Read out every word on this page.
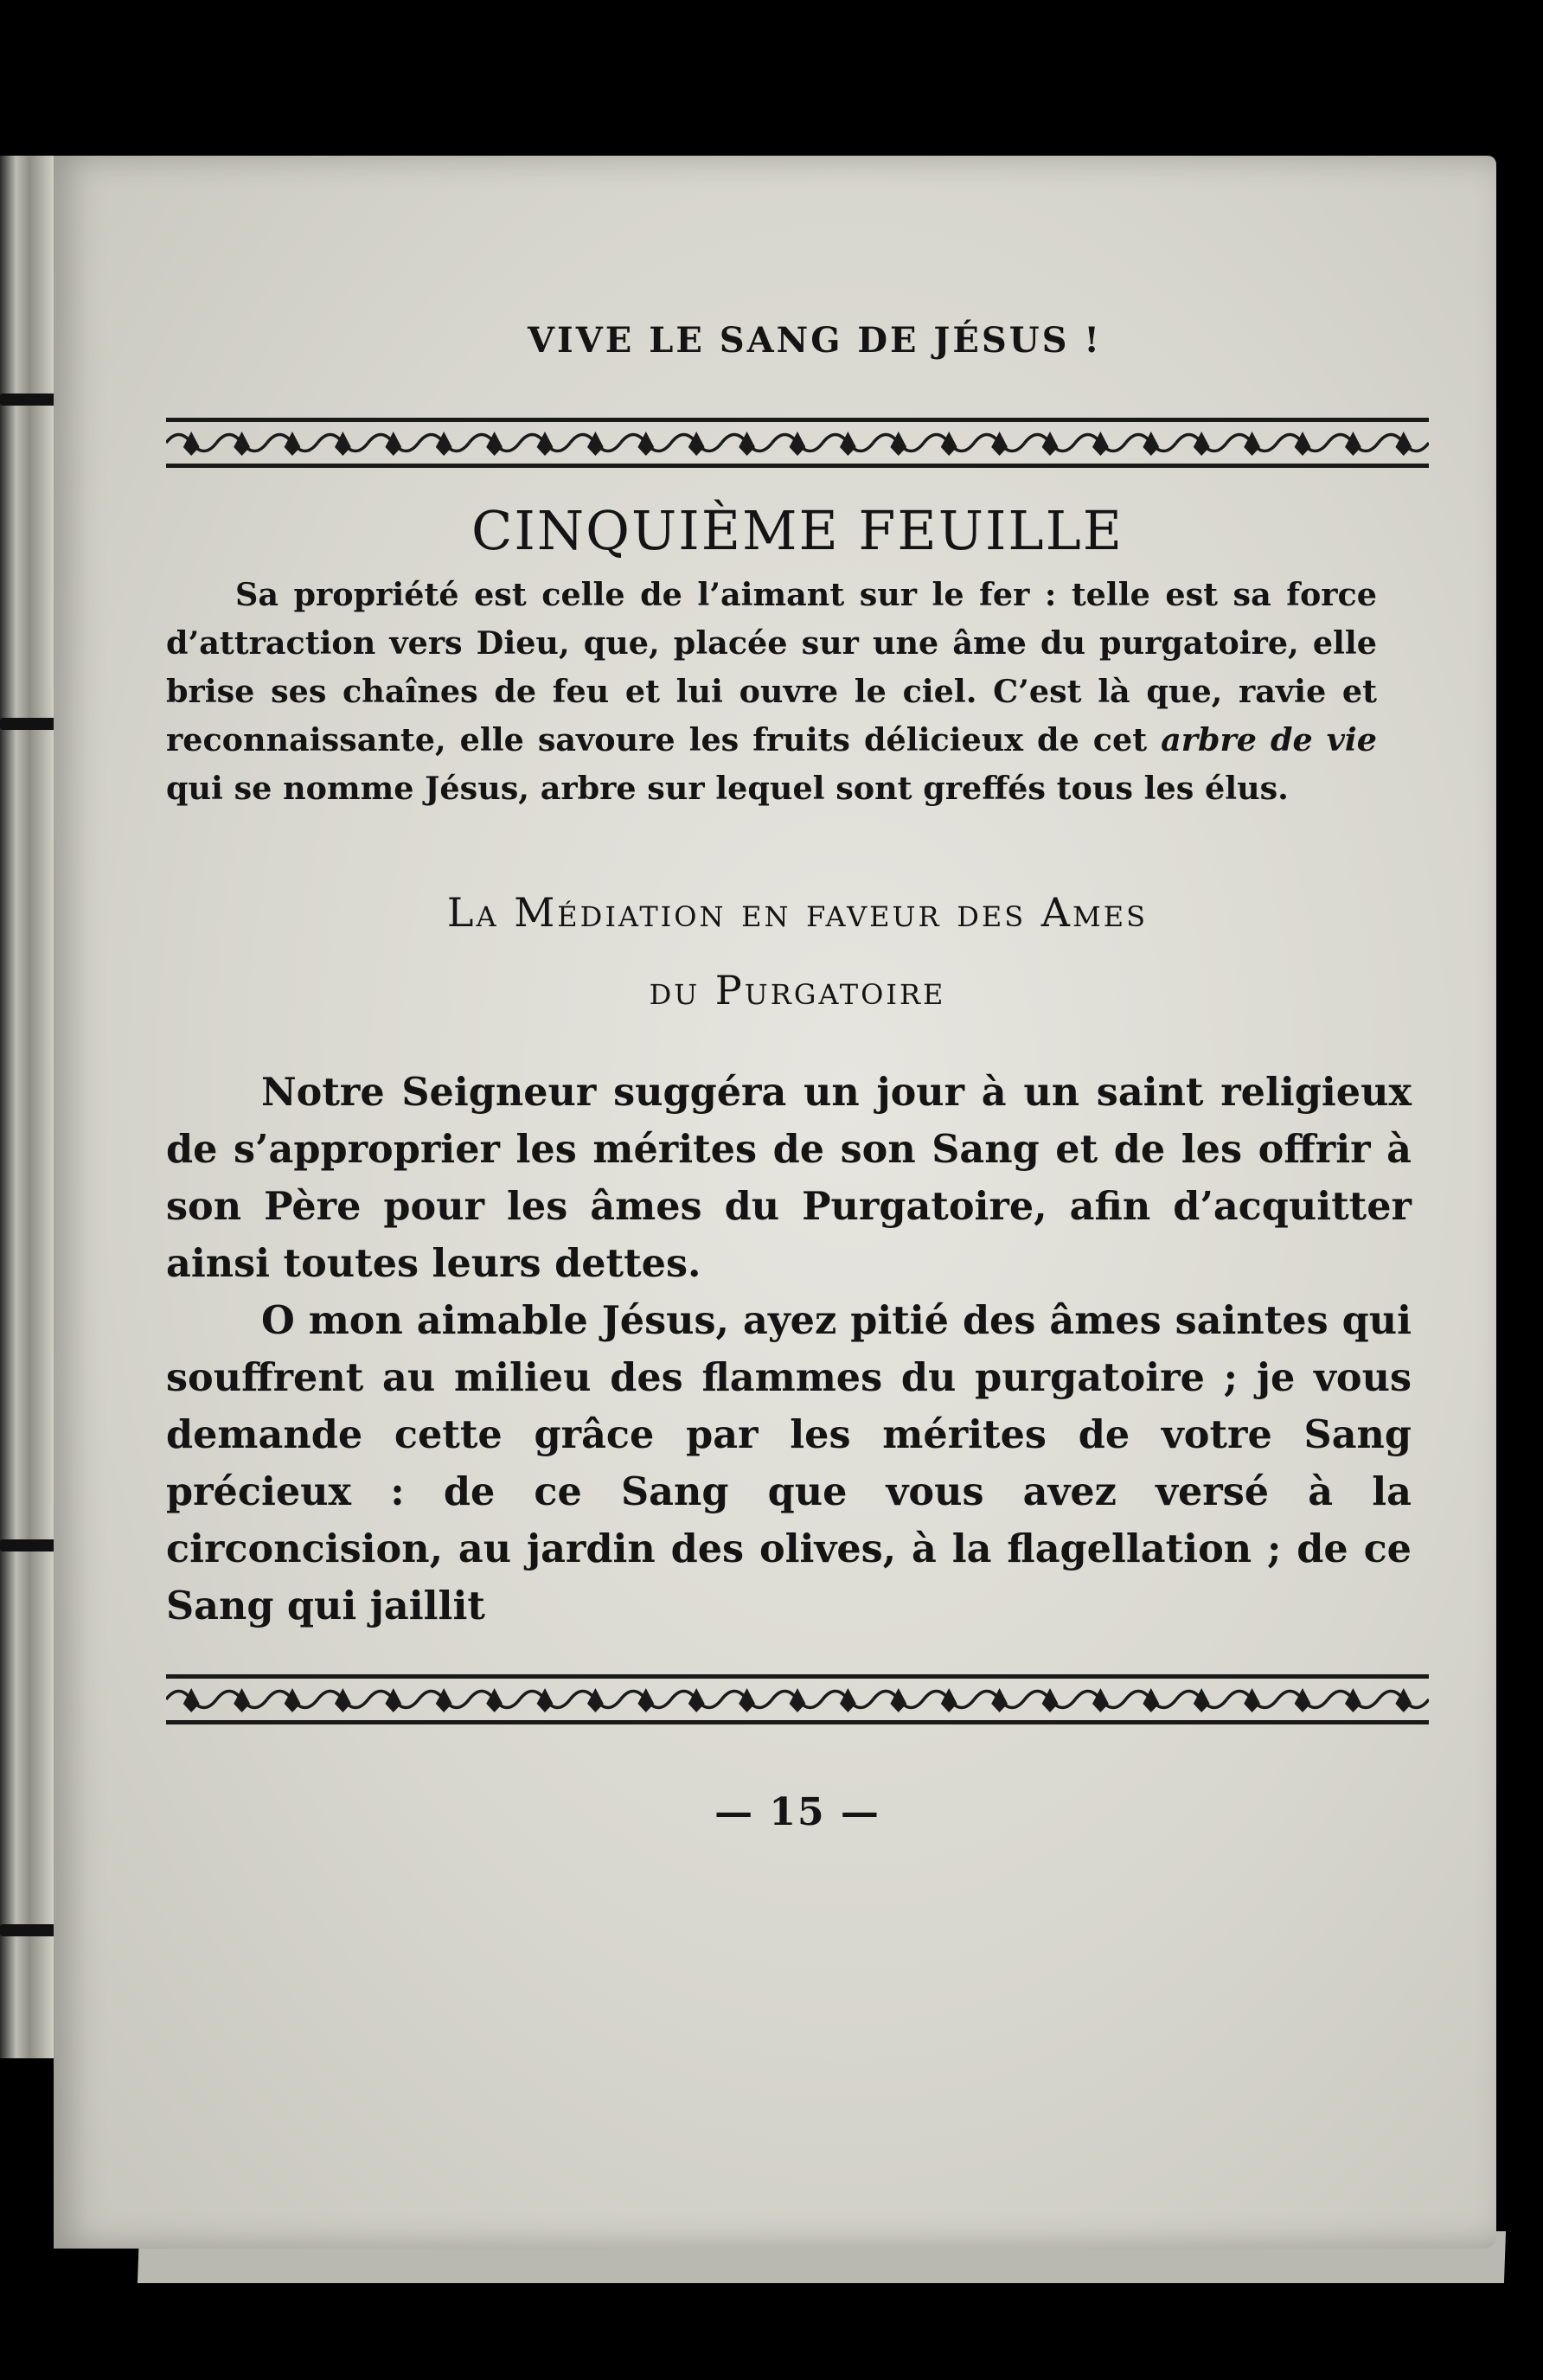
VIVE LE SANG DE JÉSUS !
CINQUIÈME FEUILLE

Sa propriété est celle de l’aimant sur le fer : telle est sa force d’attraction vers Dieu, que, placée sur une âme du purgatoire, elle brise ses chaînes de feu et lui ouvre le ciel. C’est là que, ravie et reconnaissante, elle savoure les fruits délicieux de cet arbre de vie qui se nomme Jésus, arbre sur lequel sont greffés tous les élus.

La Médiation en faveur des Ames
du Purgatoire

Notre Seigneur suggéra un jour à un saint religieux de s’approprier les mérites de son Sang et de les offrir à son Père pour les âmes du Purgatoire, afin d’acquitter ainsi toutes leurs dettes.

O mon aimable Jésus, ayez pitié des âmes saintes qui souffrent au milieu des flammes du purgatoire ; je vous demande cette grâce par les mérites de votre Sang précieux : de ce Sang que vous avez versé à la circoncision, au jardin des olives, à la flagellation ; de ce Sang qui jaillit

— 15 —
